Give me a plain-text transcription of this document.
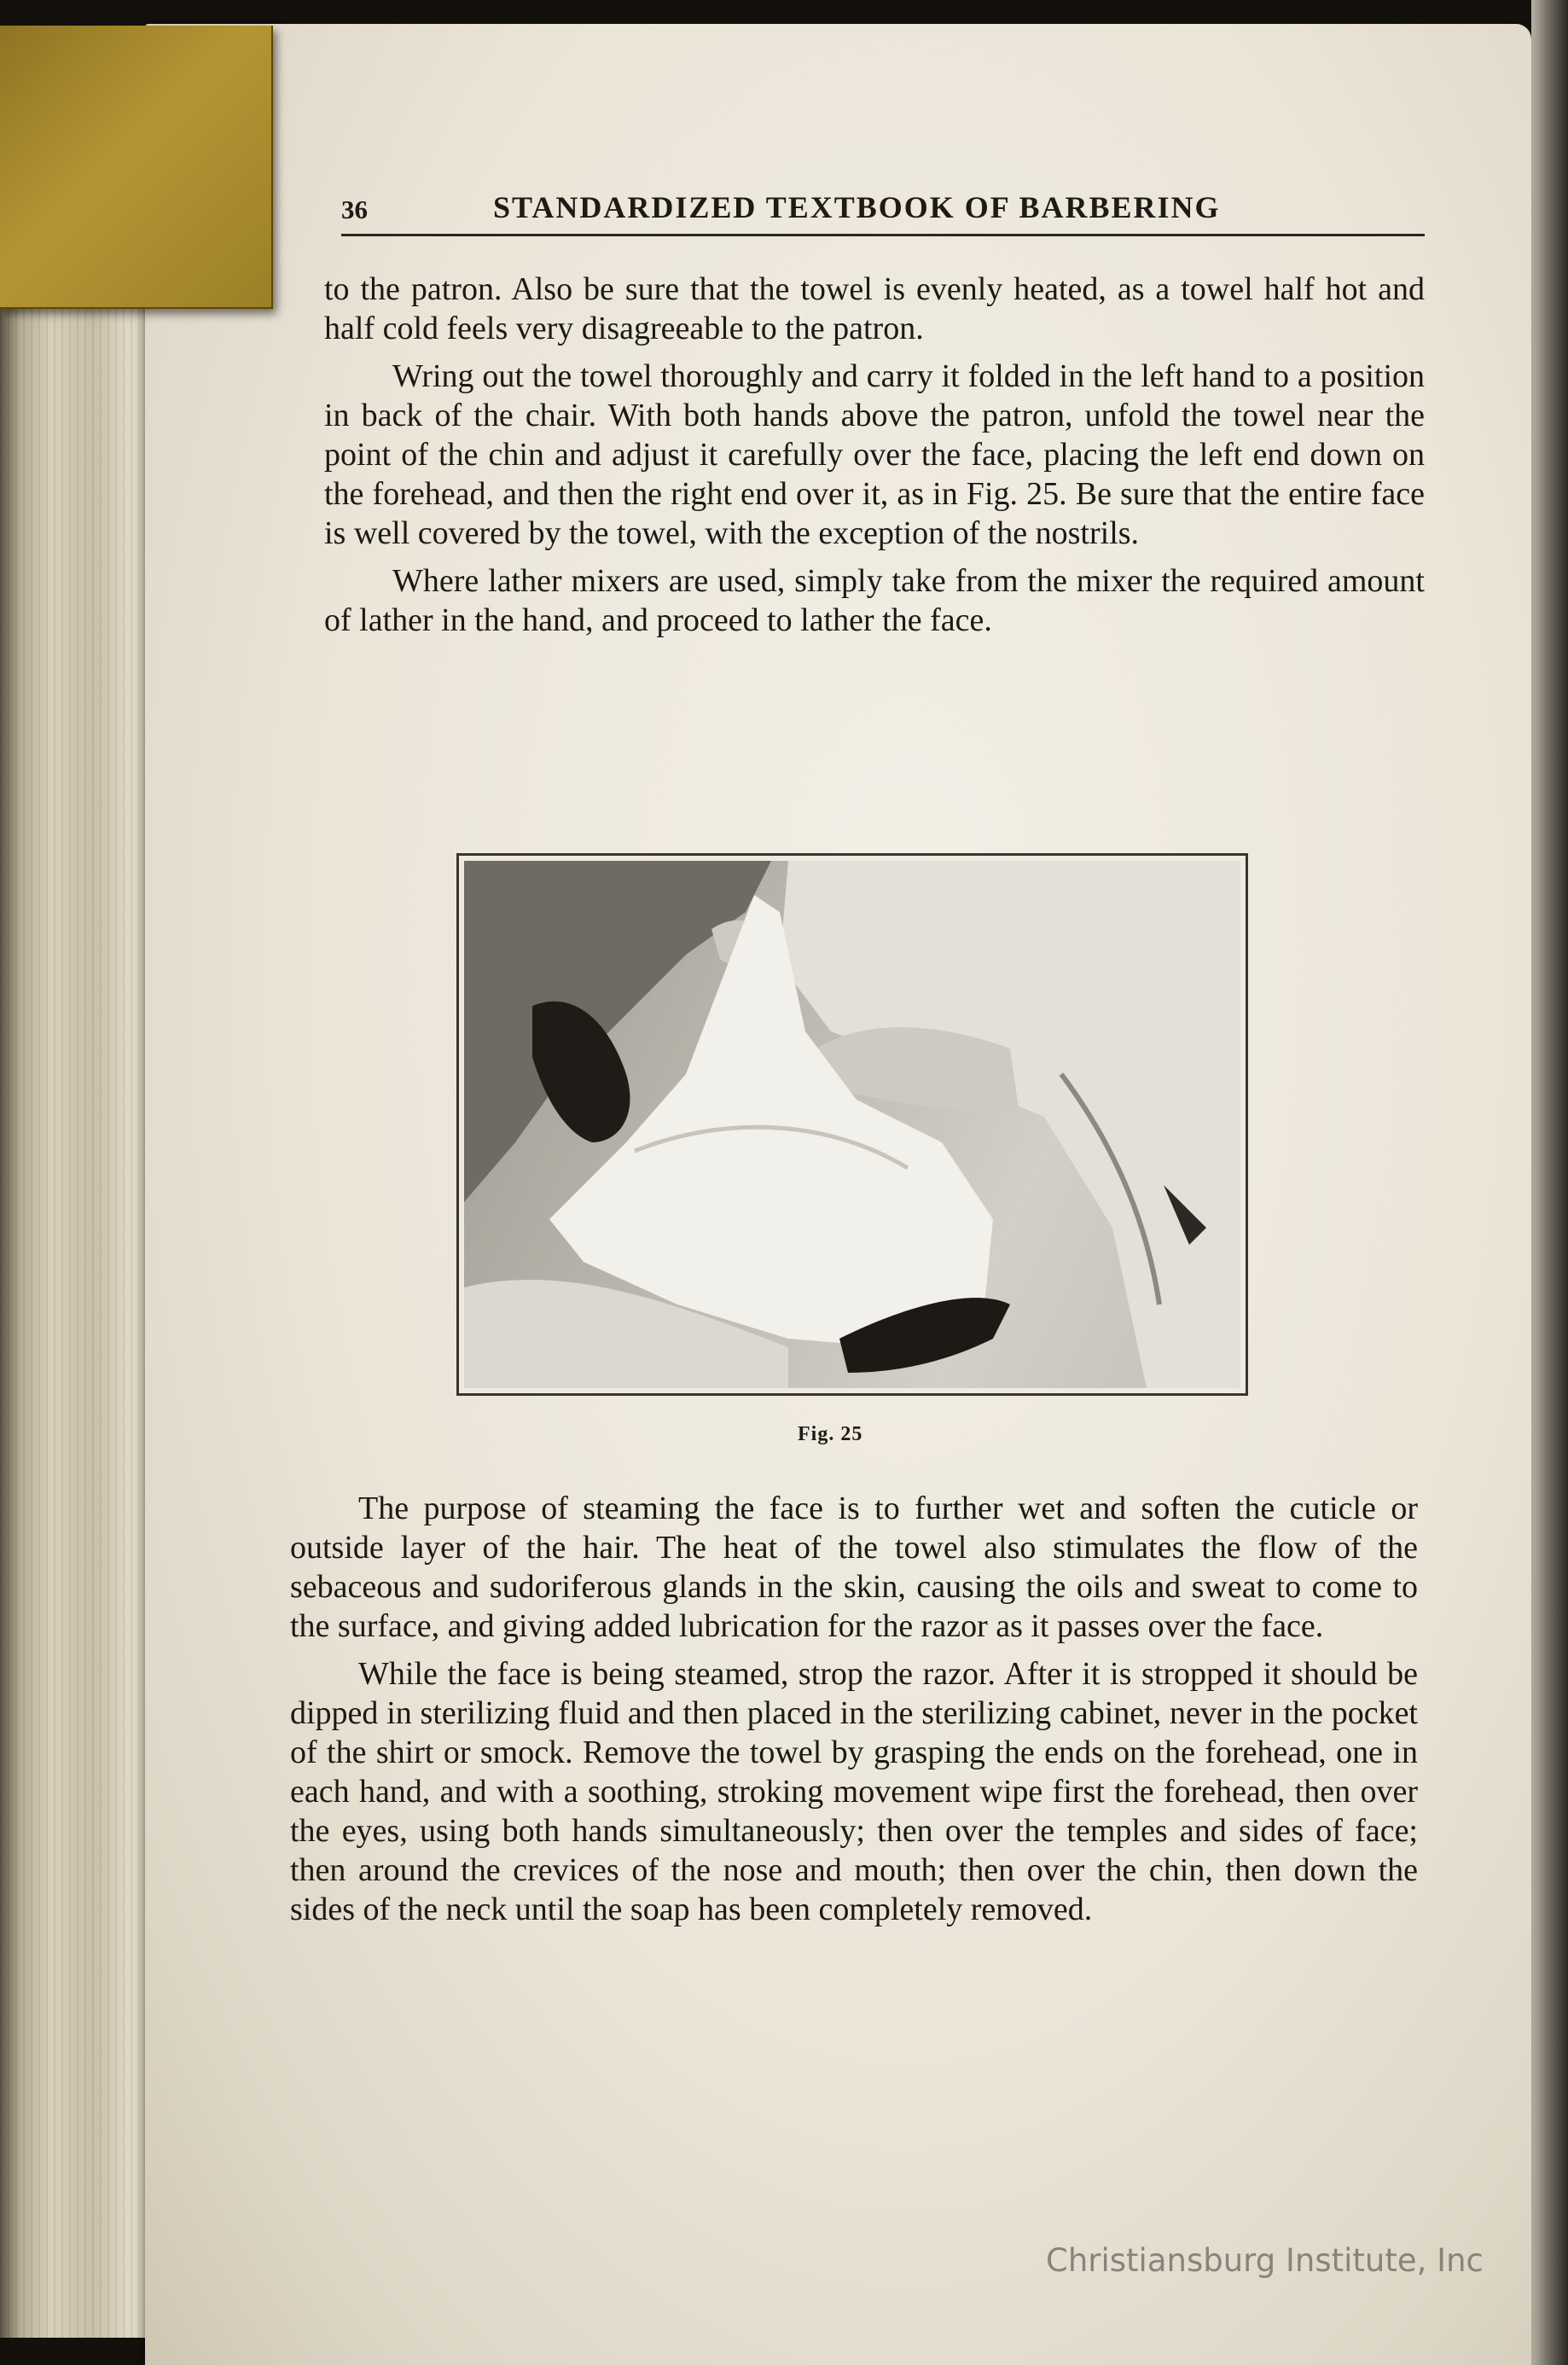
36	STANDARDIZED TEXTBOOK OF BARBERING

to the patron. Also be sure that the towel is evenly heated, as a towel half hot and half cold feels very disagreeable to the patron.

Wring out the towel thoroughly and carry it folded in the left hand to a position in back of the chair. With both hands above the patron, unfold the towel near the point of the chin and adjust it carefully over the face, placing the left end down on the forehead, and then the right end over it, as in Fig. 25. Be sure that the entire face is well covered by the towel, with the exception of the nostrils.

Where lather mixers are used, simply take from the mixer the required amount of lather in the hand, and proceed to lather the face.

Fig. 25

The purpose of steaming the face is to further wet and soften the cuticle or outside layer of the hair. The heat of the towel also stimulates the flow of the sebaceous and sudoriferous glands in the skin, causing the oils and sweat to come to the surface, and giving added lubrication for the razor as it passes over the face.

While the face is being steamed, strop the razor. After it is stropped it should be dipped in sterilizing fluid and then placed in the sterilizing cabinet, never in the pocket of the shirt or smock. Remove the towel by grasping the ends on the forehead, one in each hand, and with a soothing, stroking movement wipe first the forehead, then over the eyes, using both hands simultaneously; then over the temples and sides of face; then around the crevices of the nose and mouth; then over the chin, then down the sides of the neck until the soap has been completely removed.

Christiansburg Institute, Inc
